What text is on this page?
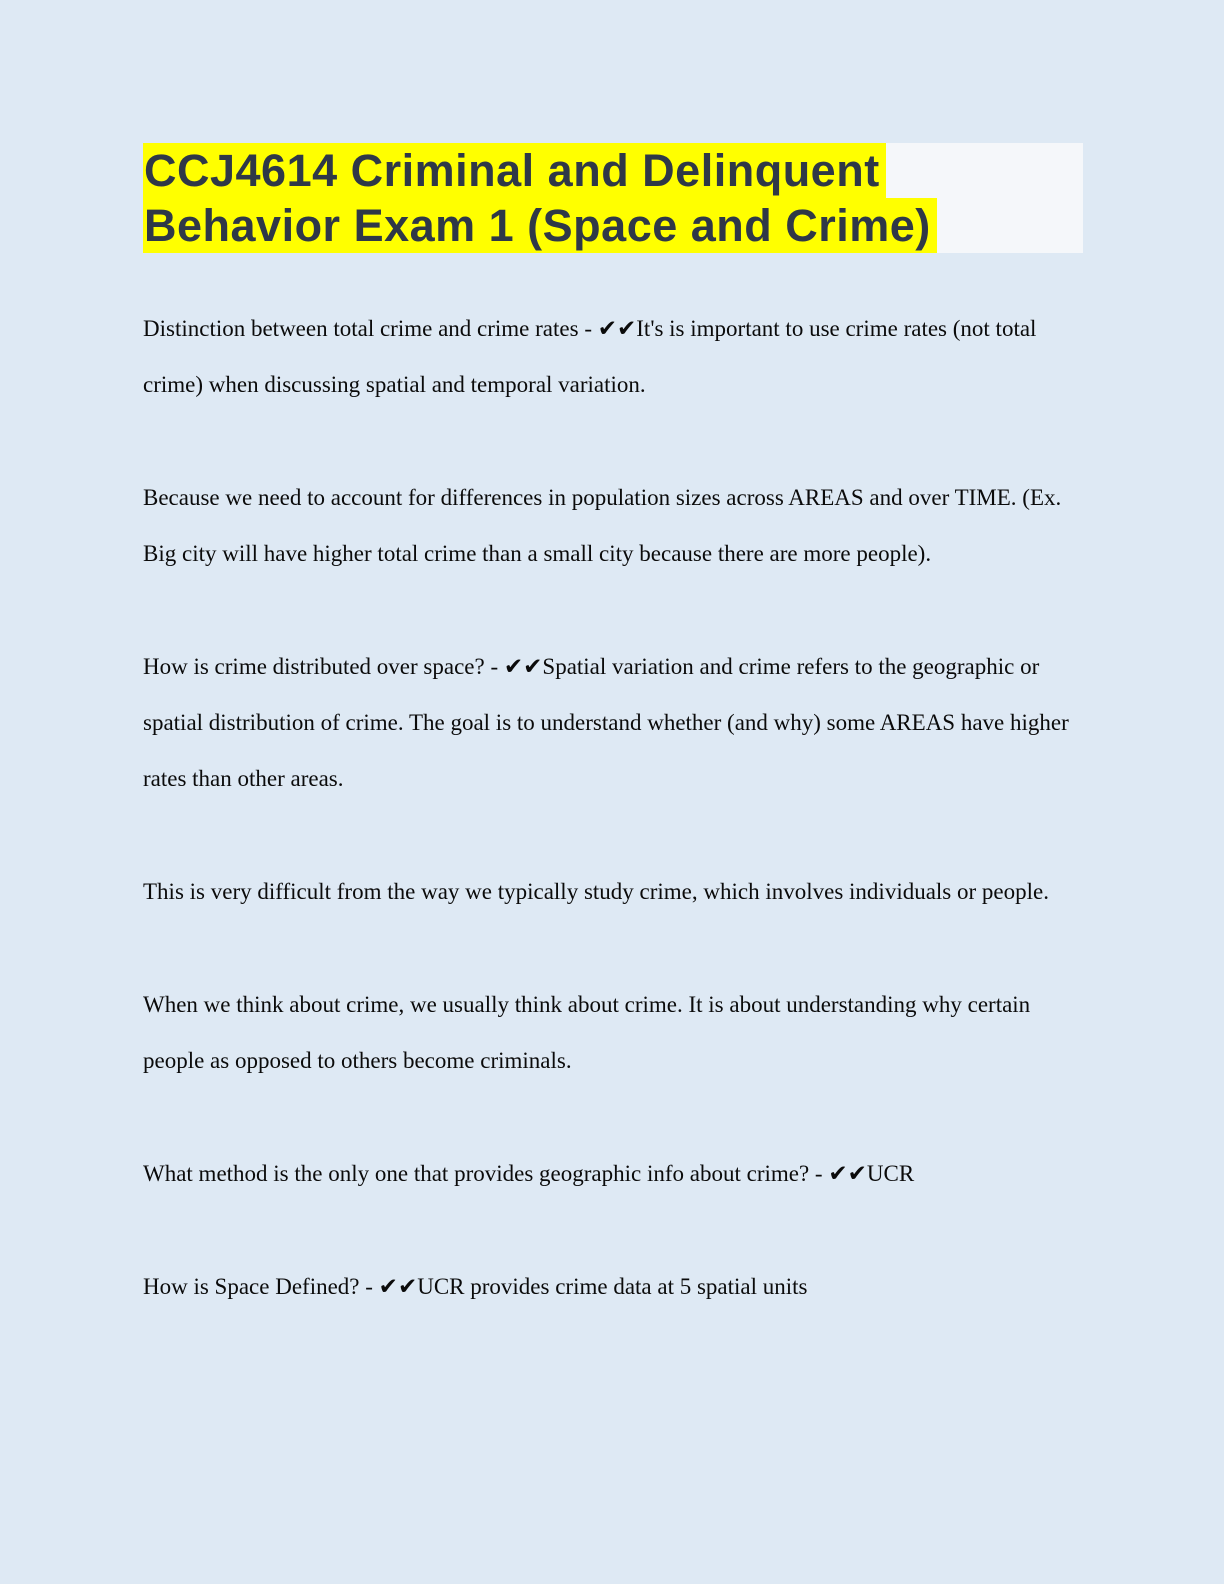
CCJ4614 Criminal and Delinquent
Behavior Exam 1 (Space and Crime)

Distinction between total crime and crime rates - ✔✔It's is important to use crime rates (not total crime) when discussing spatial and temporal variation.

Because we need to account for differences in population sizes across AREAS and over TIME. (Ex. Big city will have higher total crime than a small city because there are more people).

How is crime distributed over space? - ✔✔Spatial variation and crime refers to the geographic or spatial distribution of crime. The goal is to understand whether (and why) some AREAS have higher rates than other areas.

This is very difficult from the way we typically study crime, which involves individuals or people.

When we think about crime, we usually think about crime. It is about understanding why certain people as opposed to others become criminals.

What method is the only one that provides geographic info about crime? - ✔✔UCR

How is Space Defined? - ✔✔UCR provides crime data at 5 spatial units
